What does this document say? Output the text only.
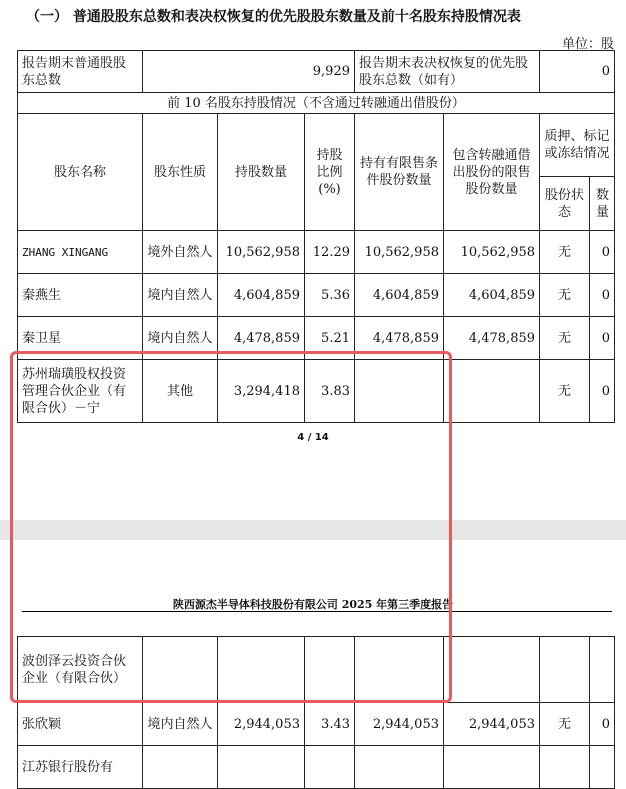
（一） 普通股股东总数和表决权恢复的优先股股东数量及前十名股东持股情况表
单位：股
报告期末普通股股东总数	9,929			报告期末表决权恢复的优先股股东总数（如有）		0	
前 10 名股东持股情况（不含通过转融通出借股份）							
股东名称	股东性质	持股数量	持股比例(%)	持有有限售条件股份数量	包含转融通借出股份的限售股份数量	质押、标记或冻结情况	
						股份状态	数量
ZHANG XINGANG	境外自然人	10,562,958	12.29	10,562,958	10,562,958	无	0
秦燕生	境内自然人	4,604,859	5.36	4,604,859	4,604,859	无	0
秦卫星	境内自然人	4,478,859	5.21	4,478,859	4,478,859	无	0
苏州瑞璜股权投资管理合伙企业（有限合伙）－宁	其他	3,294,418	3.83			无	0
4 / 14
陕西源杰半导体科技股份有限公司 2025 年第三季度报告
波创泽云投资合伙企业（有限合伙）							
张欣颖	境内自然人	2,944,053	3.43	2,944,053	2,944,053	无	0
江苏银行股份有							
